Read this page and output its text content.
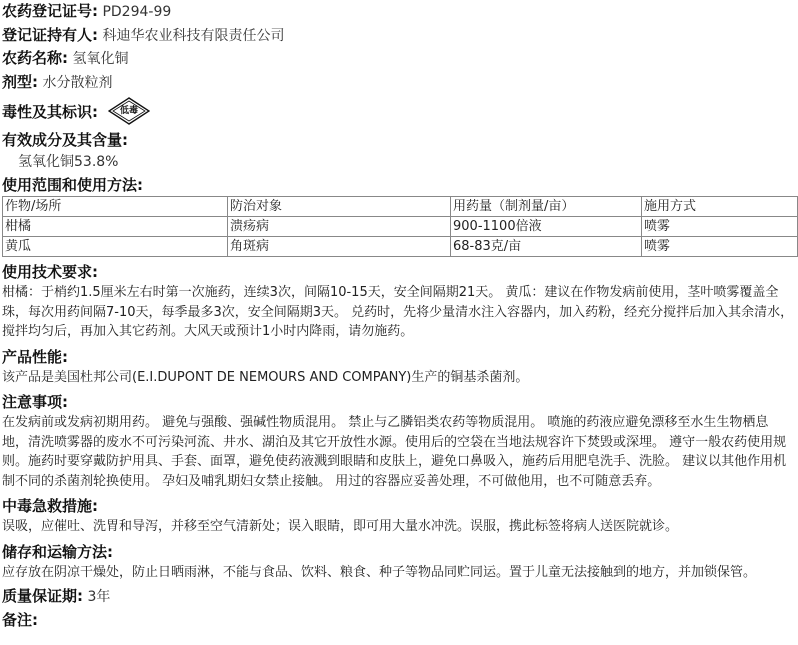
农药登记证号: PD294-99
登记证持有人: 科迪华农业科技有限责任公司
农药名称: 氢氧化铜
剂型: 水分散粒剂
毒性及其标识:	低毒
有效成分及其含量:
氢氧化铜53.8%
使用范围和使用方法:
作物/场所	防治对象	用药量（制剂量/亩）	施用方式
柑橘	溃疡病	900-1100倍液	喷雾
黄瓜	角斑病	68-83克/亩	喷雾
使用技术要求:
柑橘：于梢约1.5厘米左右时第一次施药，连续3次，间隔10-15天，安全间隔期21天。 黄瓜：建议在作物发病前使用，茎叶喷雾覆盖全珠，每次用药间隔7-10天，每季最多3次，安全间隔期3天。 兑药时，先将少量清水注入容器内，加入药粉，经充分搅拌后加入其余清水，搅拌均匀后，再加入其它药剂。大风天或预计1小时内降雨，请勿施药。
产品性能:
该产品是美国杜邦公司(E.I.DUPONT DE NEMOURS AND COMPANY)生产的铜基杀菌剂。
注意事项:
在发病前或发病初期用药。 避免与强酸、强碱性物质混用。 禁止与乙膦铝类农药等物质混用。 喷施的药液应避免漂移至水生生物栖息地，清洗喷雾器的废水不可污染河流、井水、湖泊及其它开放性水源。使用后的空袋在当地法规容许下焚毁或深埋。 遵守一般农药使用规则。施药时要穿戴防护用具、手套、面罩，避免使药液溅到眼睛和皮肤上，避免口鼻吸入，施药后用肥皂洗手、洗脸。 建议以其他作用机制不同的杀菌剂轮换使用。 孕妇及哺乳期妇女禁止接触。 用过的容器应妥善处理，不可做他用，也不可随意丢弃。
中毒急救措施:
误吸，应催吐、洗胃和导泻，并移至空气清新处；误入眼睛，即可用大量水冲洗。误服，携此标签将病人送医院就诊。
储存和运输方法:
应存放在阴凉干燥处，防止日晒雨淋，不能与食品、饮料、粮食、种子等物品同贮同运。置于儿童无法接触到的地方，并加锁保管。
质量保证期: 3年
备注:
